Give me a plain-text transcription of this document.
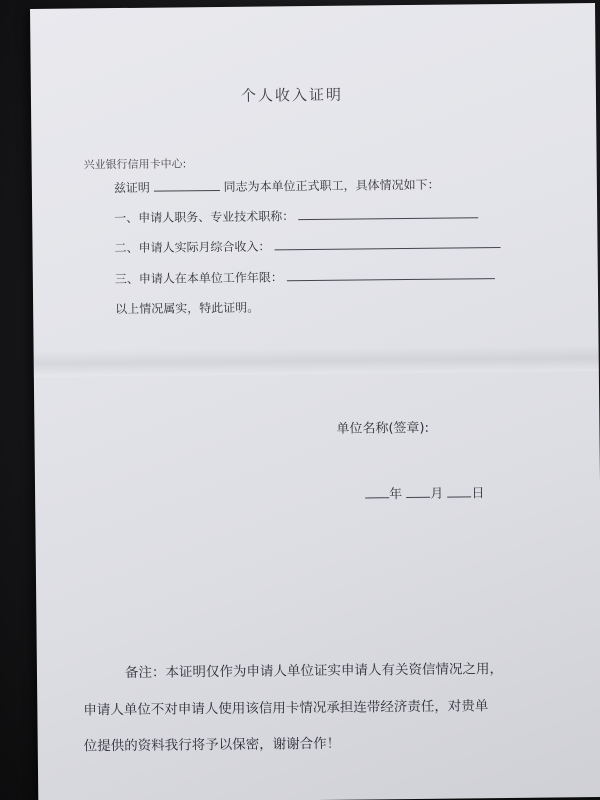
个人收入证明
兴业银行信用卡中心:
兹证明	同志为本单位正式职工，具体情况如下：
一、申请人职务、专业技术职称：
二、申请人实际月综合收入：
三、申请人在本单位工作年限：
以上情况属实，特此证明。
单位名称(签章):
年 月 日
备注：本证明仅作为申请人单位证实申请人有关资信情况之用，
申请人单位不对申请人使用该信用卡情况承担连带经济责任，对贵单
位提供的资料我行将予以保密，谢谢合作！
